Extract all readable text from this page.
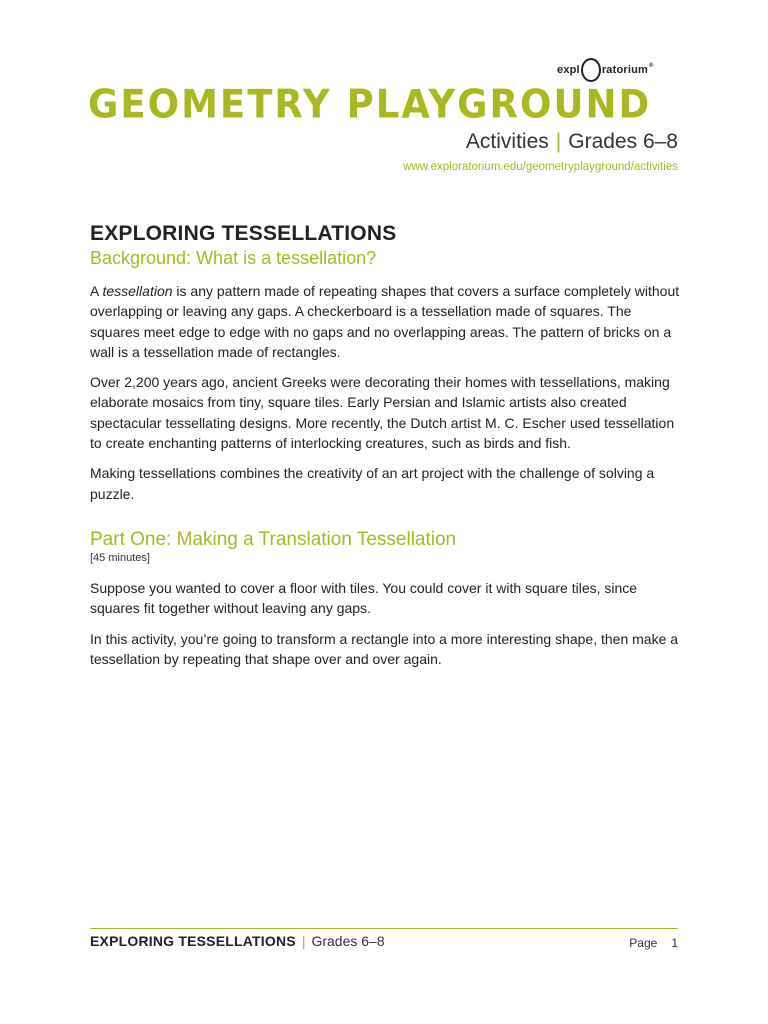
expl ratorium ®
GEOMETRY PLAYGROUND
Activities | Grades 6–8
www.exploratorium.edu/geometryplayground/activities
EXPLORING TESSELLATIONS
Background: What is a tessellation?

A tessellation is any pattern made of repeating shapes that covers a surface completely without overlapping or leaving any gaps. A checkerboard is a tessellation made of squares. The squares meet edge to edge with no gaps and no overlapping areas. The pattern of bricks on a wall is a tessellation made of rectangles.

Over 2,200 years ago, ancient Greeks were decorating their homes with tessellations, making elaborate mosaics from tiny, square tiles. Early Persian and Islamic artists also created spectacular tessellating designs. More recently, the Dutch artist M. C. Escher used tessellation to create enchanting patterns of interlocking creatures, such as birds and fish.

Making tessellations combines the creativity of an art project with the challenge of solving a puzzle.

Part One: Making a Translation Tessellation
[45 minutes]

Suppose you wanted to cover a floor with tiles. You could cover it with square tiles, since squares fit together without leaving any gaps.

In this activity, you’re going to transform a rectangle into a more interesting shape, then make a tessellation by repeating that shape over and over again.

EXPLORING TESSELLATIONS | Grades 6–8	Page 1
